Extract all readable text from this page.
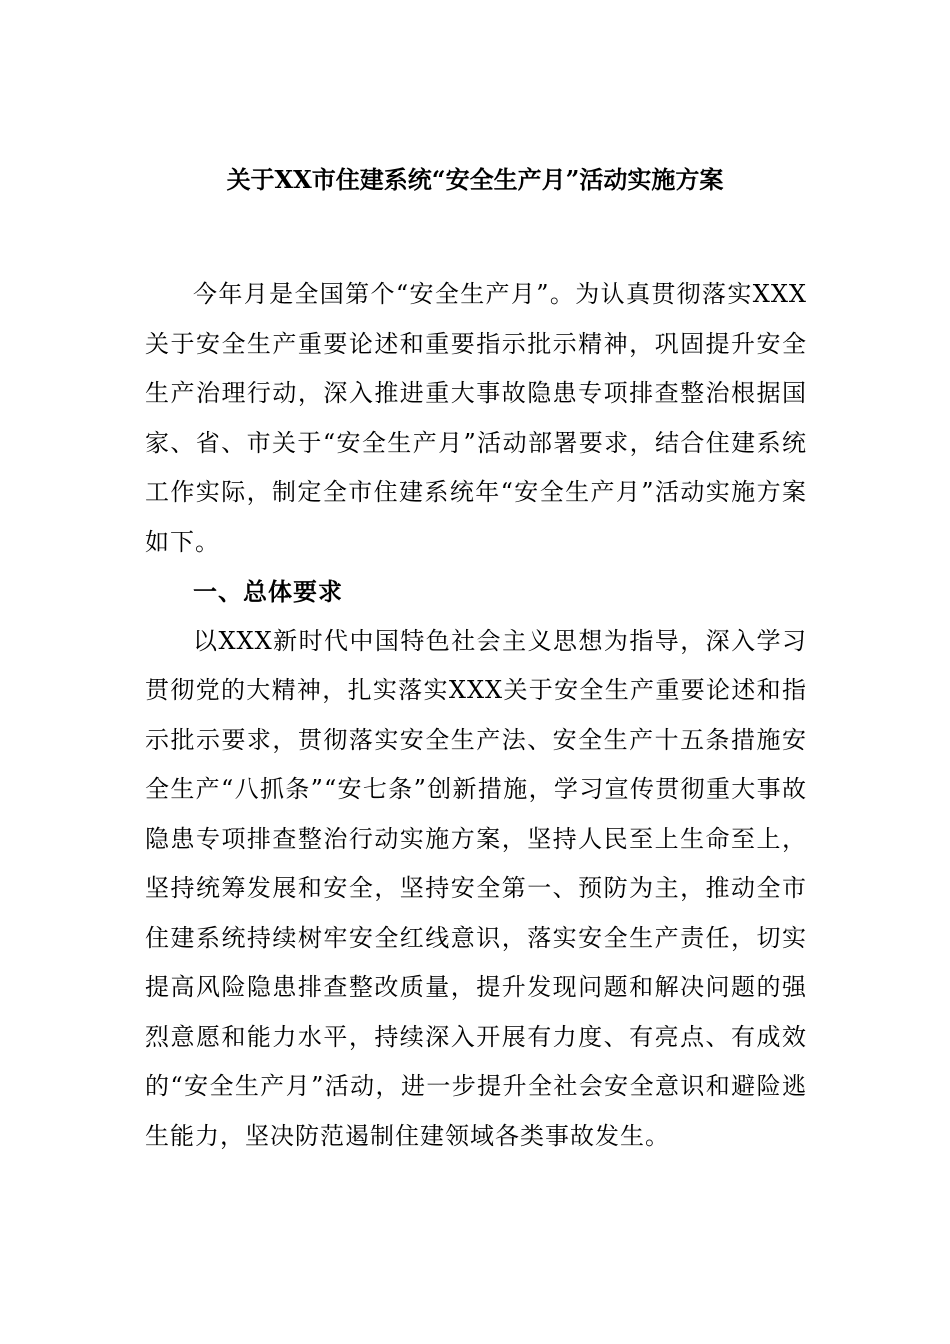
关于XX市住建系统“安全生产月”活动实施方案

今年月是全国第个“安全生产月”。为认真贯彻落实XXX关于安全生产重要论述和重要指示批示精神，巩固提升安全生产治理行动，深入推进重大事故隐患专项排查整治根据国家、省、市关于“安全生产月”活动部署要求，结合住建系统工作实际，制定全市住建系统年“安全生产月”活动实施方案如下。

一、总体要求

以XXX新时代中国特色社会主义思想为指导，深入学习贯彻党的大精神，扎实落实XXX关于安全生产重要论述和指示批示要求，贯彻落实安全生产法、安全生产十五条措施安全生产“八抓条”“安七条”创新措施，学习宣传贯彻重大事故隐患专项排查整治行动实施方案，坚持人民至上生命至上，坚持统筹发展和安全，坚持安全第一、预防为主，推动全市住建系统持续树牢安全红线意识，落实安全生产责任，切实提高风险隐患排查整改质量，提升发现问题和解决问题的强烈意愿和能力水平，持续深入开展有力度、有亮点、有成效的“安全生产月”活动，进一步提升全社会安全意识和避险逃生能力，坚决防范遏制住建领域各类事故发生。
